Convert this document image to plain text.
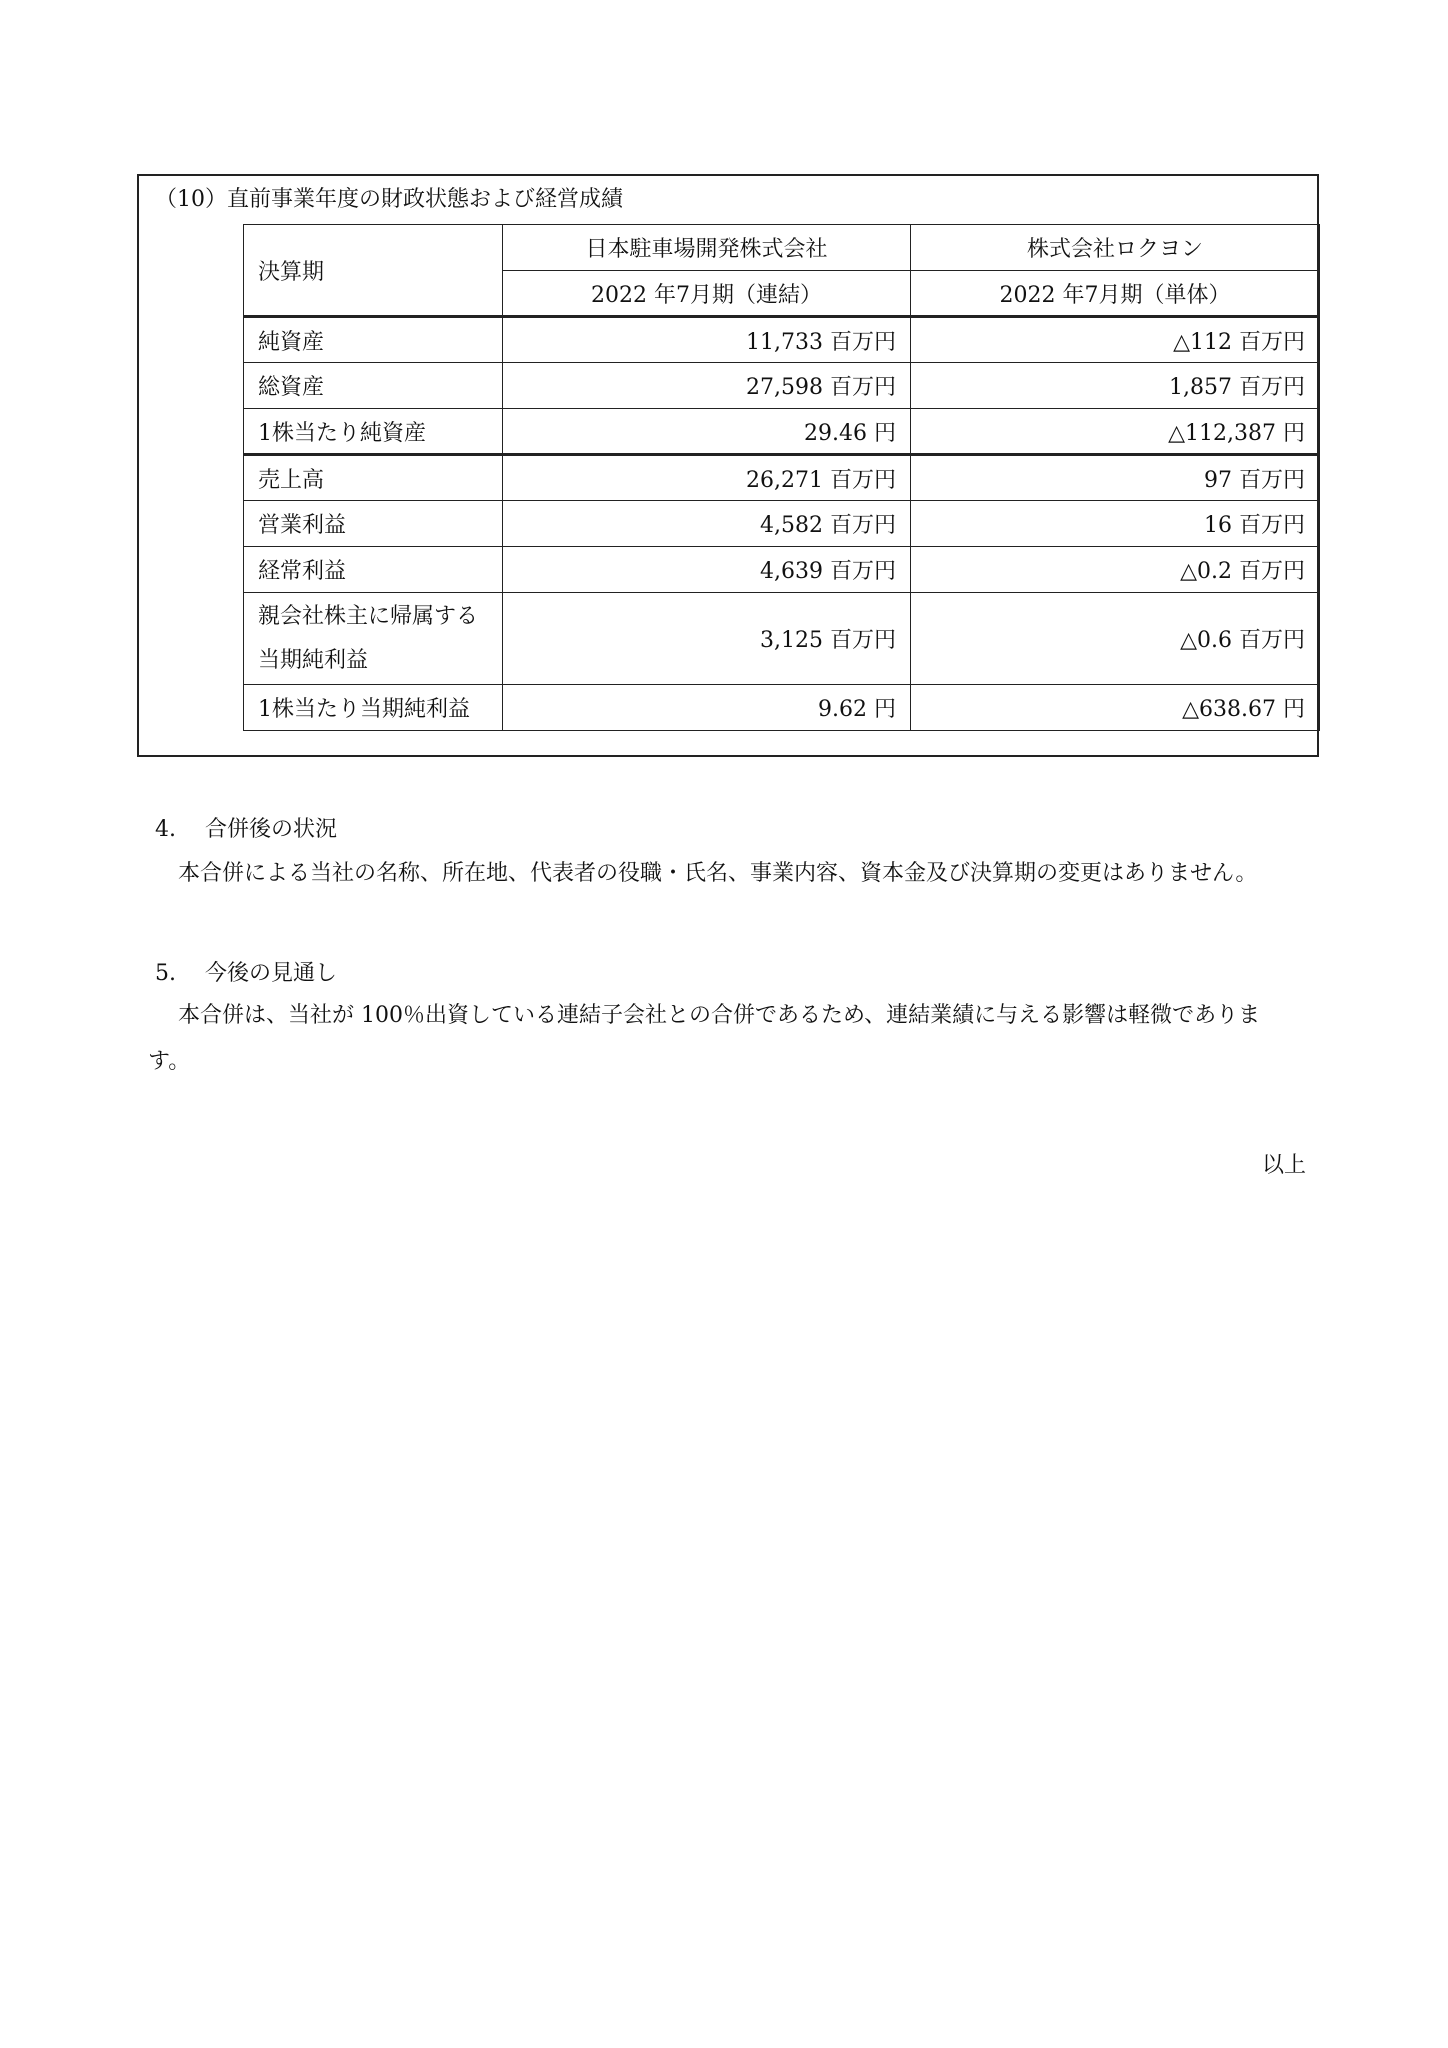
（10）直前事業年度の財政状態および経営成績
決算期	日本駐車場開発株式会社	株式会社ロクヨン
	2022 年7月期（連結）	2022 年7月期（単体）
純資産	11,733 百万円	△112 百万円
総資産	27,598 百万円	1,857 百万円
1株当たり純資産	29.46 円	△112,387 円
売上高	26,271 百万円	97 百万円
営業利益	4,582 百万円	16 百万円
経常利益	4,639 百万円	△0.2 百万円
親会社株主に帰属する
当期純利益	3,125 百万円	△0.6 百万円
1株当たり当期純利益	9.62 円	△638.67 円
4. 合併後の状況
本合併による当社の名称、所在地、代表者の役職・氏名、事業内容、資本金及び決算期の変更はありません。
5. 今後の見通し
本合併は、当社が 100％出資している連結子会社との合併であるため、連結業績に与える影響は軽微でありま
す。
以上
